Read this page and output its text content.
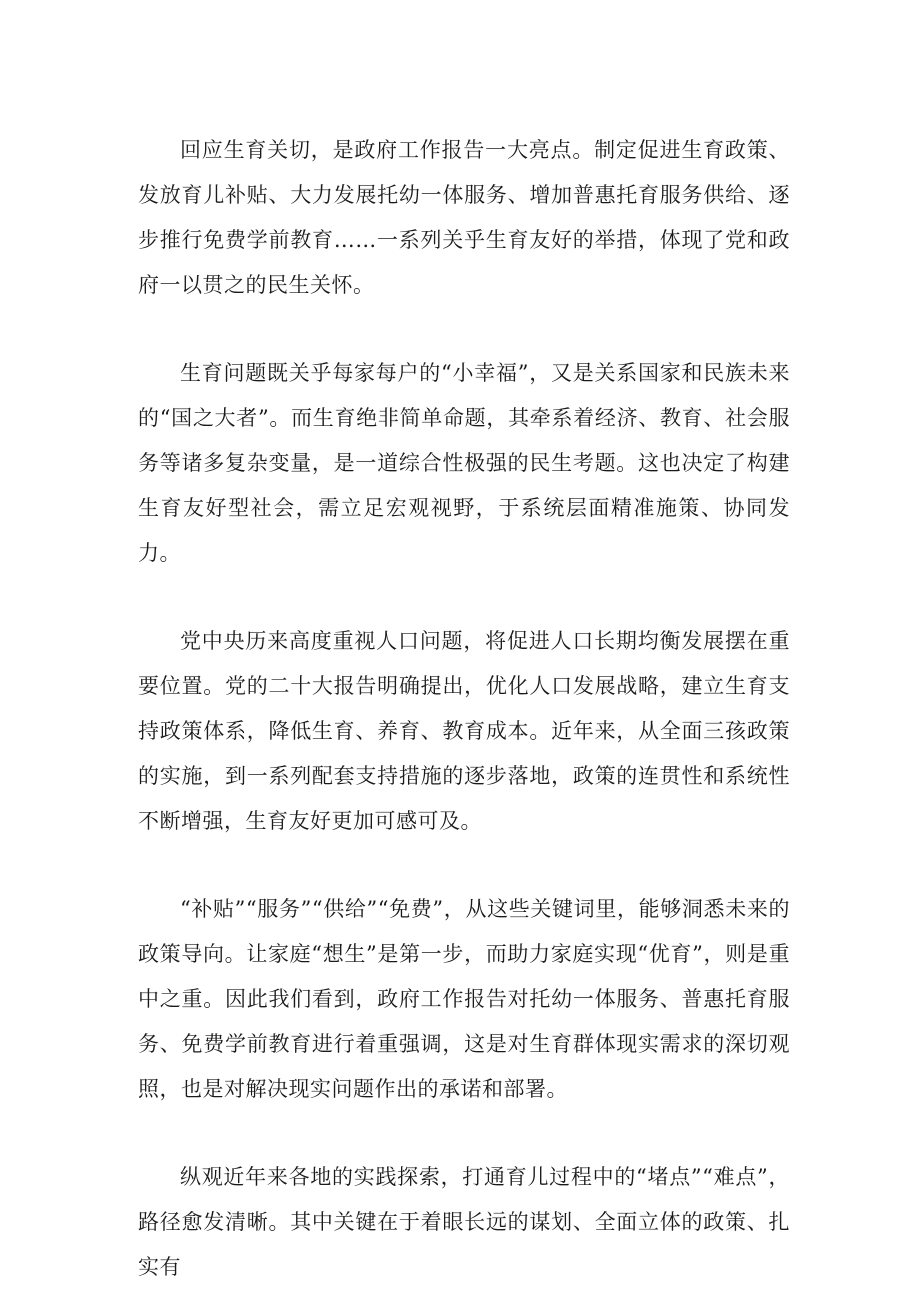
回应生育关切，是政府工作报告一大亮点。制定促进生育政策、发放育儿补贴、大力发展托幼一体服务、增加普惠托育服务供给、逐步推行免费学前教育……一系列关乎生育友好的举措，体现了党和政府一以贯之的民生关怀。

生育问题既关乎每家每户的“小幸福”，又是关系国家和民族未来的“国之大者”。而生育绝非简单命题，其牵系着经济、教育、社会服务等诸多复杂变量，是一道综合性极强的民生考题。这也决定了构建生育友好型社会，需立足宏观视野，于系统层面精准施策、协同发力。

党中央历来高度重视人口问题，将促进人口长期均衡发展摆在重要位置。党的二十大报告明确提出，优化人口发展战略，建立生育支持政策体系，降低生育、养育、教育成本。近年来，从全面三孩政策的实施，到一系列配套支持措施的逐步落地，政策的连贯性和系统性不断增强，生育友好更加可感可及。

“补贴”“服务”“供给”“免费”，从这些关键词里，能够洞悉未来的政策导向。让家庭“想生”是第一步，而助力家庭实现“优育”，则是重中之重。因此我们看到，政府工作报告对托幼一体服务、普惠托育服务、免费学前教育进行着重强调，这是对生育群体现实需求的深切观照，也是对解决现实问题作出的承诺和部署。

纵观近年来各地的实践探索，打通育儿过程中的“堵点”“难点”，路径愈发清晰。其中关键在于着眼长远的谋划、全面立体的政策、扎实有
